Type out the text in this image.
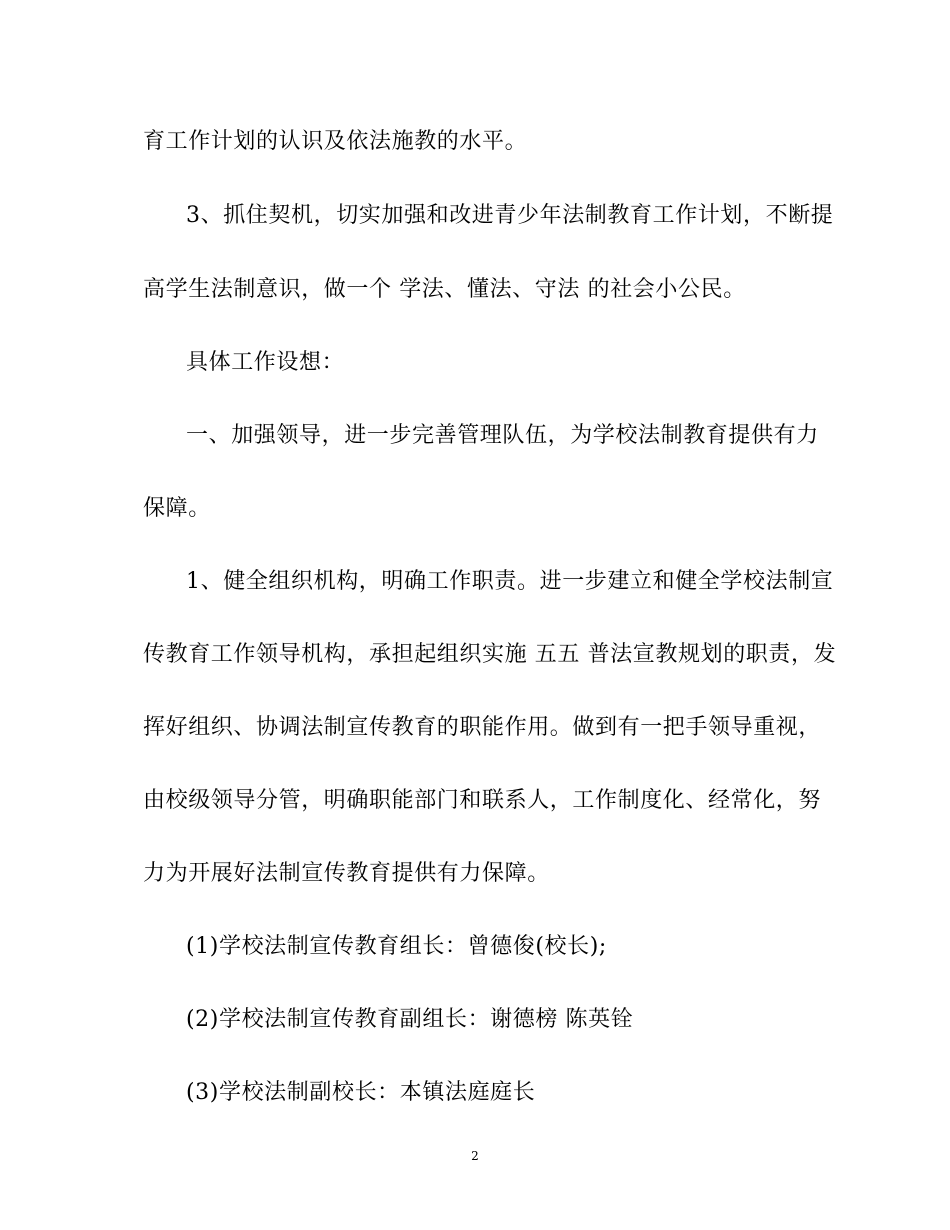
育工作计划的认识及依法施教的水平。
3、抓住契机，切实加强和改进青少年法制教育工作计划，不断提
高学生法制意识，做一个 学法、懂法、守法 的社会小公民。
具体工作设想：
一、加强领导，进一步完善管理队伍，为学校法制教育提供有力
保障。
1、健全组织机构，明确工作职责。进一步建立和健全学校法制宣
传教育工作领导机构，承担起组织实施 五五 普法宣教规划的职责，发
挥好组织、协调法制宣传教育的职能作用。做到有一把手领导重视，
由校级领导分管，明确职能部门和联系人，工作制度化、经常化，努
力为开展好法制宣传教育提供有力保障。
(1)学校法制宣传教育组长：曾德俊(校长);
(2)学校法制宣传教育副组长：谢德榜 陈英铨
(3)学校法制副校长：本镇法庭庭长
2
